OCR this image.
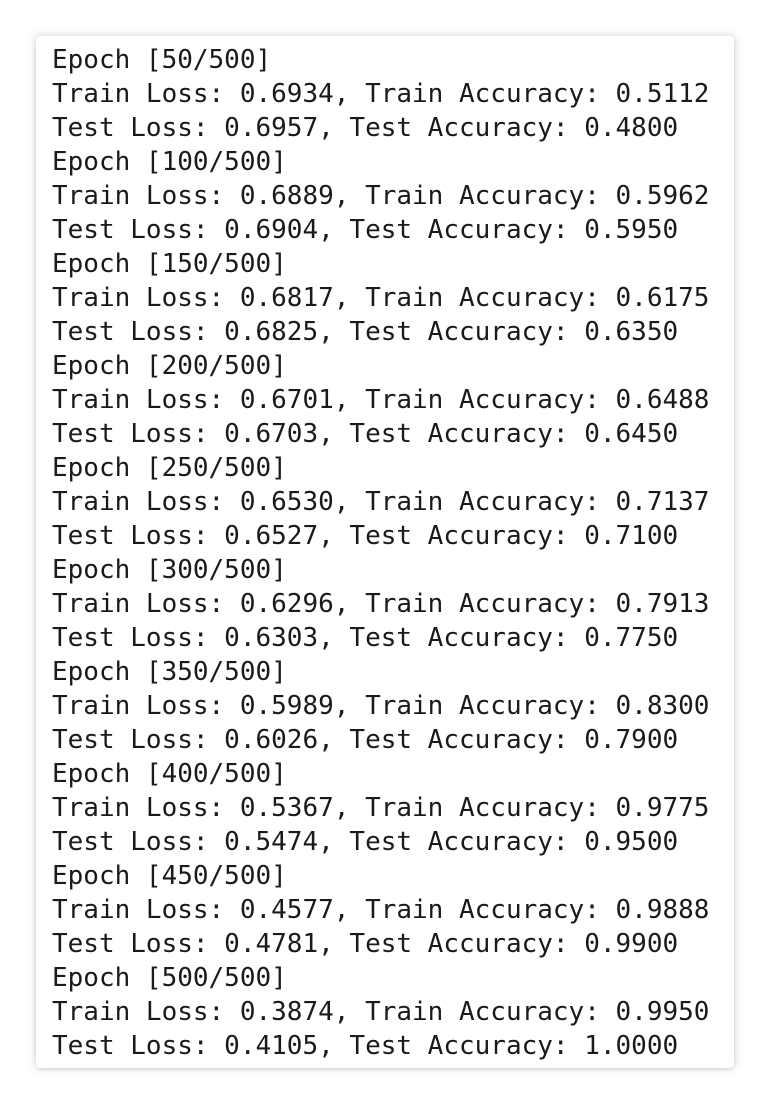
Epoch [50/500]
Train Loss: 0.6934, Train Accuracy: 0.5112
Test Loss: 0.6957, Test Accuracy: 0.4800
Epoch [100/500]
Train Loss: 0.6889, Train Accuracy: 0.5962
Test Loss: 0.6904, Test Accuracy: 0.5950
Epoch [150/500]
Train Loss: 0.6817, Train Accuracy: 0.6175
Test Loss: 0.6825, Test Accuracy: 0.6350
Epoch [200/500]
Train Loss: 0.6701, Train Accuracy: 0.6488
Test Loss: 0.6703, Test Accuracy: 0.6450
Epoch [250/500]
Train Loss: 0.6530, Train Accuracy: 0.7137
Test Loss: 0.6527, Test Accuracy: 0.7100
Epoch [300/500]
Train Loss: 0.6296, Train Accuracy: 0.7913
Test Loss: 0.6303, Test Accuracy: 0.7750
Epoch [350/500]
Train Loss: 0.5989, Train Accuracy: 0.8300
Test Loss: 0.6026, Test Accuracy: 0.7900
Epoch [400/500]
Train Loss: 0.5367, Train Accuracy: 0.9775
Test Loss: 0.5474, Test Accuracy: 0.9500
Epoch [450/500]
Train Loss: 0.4577, Train Accuracy: 0.9888
Test Loss: 0.4781, Test Accuracy: 0.9900
Epoch [500/500]
Train Loss: 0.3874, Train Accuracy: 0.9950
Test Loss: 0.4105, Test Accuracy: 1.0000
